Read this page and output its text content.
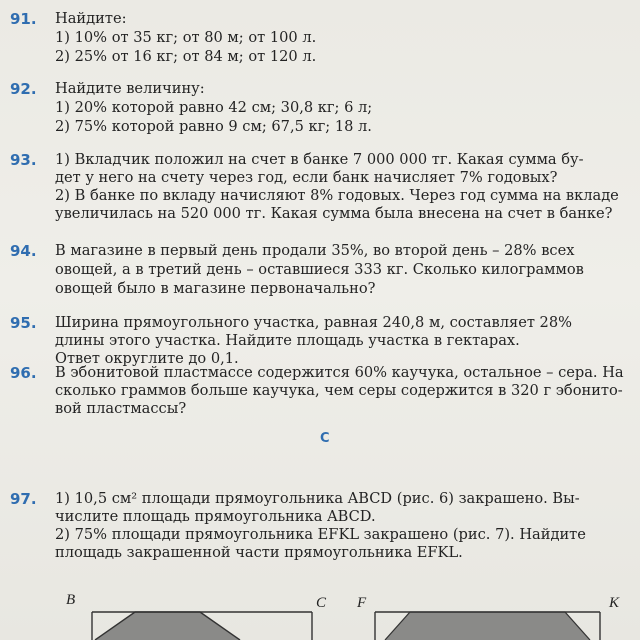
91. Найдите:
1) 10% от 35 кг; от 80 м; от 100 л.
2) 25% от 16 кг; от 84 м; от 120 л.
92. Найдите величину:
1) 20% которой равно 42 см; 30,8 кг; 6 л;
2) 75% которой равно 9 см; 67,5 кг; 18 л.
93. 1) Вкладчик положил на счет в банке 7 000 000 тг. Какая сумма бу-
дет у него на счету через год, если банк начисляет 7% годовых?
2) В банке по вкладу начисляют 8% годовых. Через год сумма на вкладе
увеличилась на 520 000 тг. Какая сумма была внесена на счет в банке?
94. В магазине в первый день продали 35%, во второй день – 28% всех
овощей, а в третий день – оставшиеся 333 кг. Сколько килограммов
овощей было в магазине первоначально?
95. Ширина прямоугольного участка, равная 240,8 м, составляет 28%
длины этого участка. Найдите площадь участка в гектарах.
Ответ округлите до 0,1.
96. В эбонитовой пластмассе содержится 60% каучука, остальное – сера. На
сколько граммов больше каучука, чем серы содержится в 320 г эбонито-
вой пластмассы?
C
97. 1) 10,5 см² площади прямоугольника ABCD (рис. 6) закрашено. Вы-
числите площадь прямоугольника ABCD.
2) 75% площади прямоугольника EFKL закрашено (рис. 7). Найдите
площадь закрашенной части прямоугольника EFKL.
B	C F	K
